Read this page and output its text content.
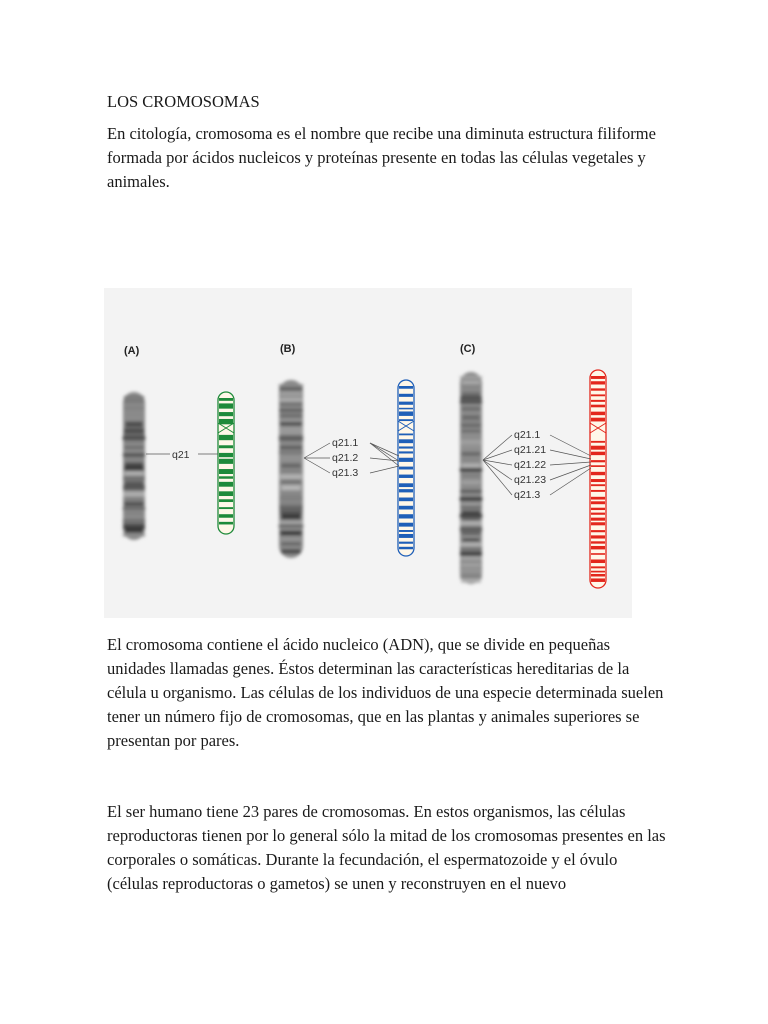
LOS CROMOSOMAS
En citología, cromosoma es el nombre que recibe una diminuta estructura filiforme formada por ácidos nucleicos y proteínas presente en todas las células vegetales y animales.
(A)
q21
(B)
q21.1
q21.2
q21.3
(C)
q21.1
q21.21
q21.22
q21.23
q21.3
El cromosoma contiene el ácido nucleico (ADN), que se divide en pequeñas unidades llamadas genes. Éstos determinan las características hereditarias de la célula u organismo. Las células de los individuos de una especie determinada suelen tener un número fijo de cromosomas, que en las plantas y animales superiores se presentan por pares.
El ser humano tiene 23 pares de cromosomas. En estos organismos, las células reproductoras tienen por lo general sólo la mitad de los cromosomas presentes en las corporales o somáticas. Durante la fecundación, el espermatozoide y el óvulo (células reproductoras o gametos) se unen y reconstruyen en el nuevo
